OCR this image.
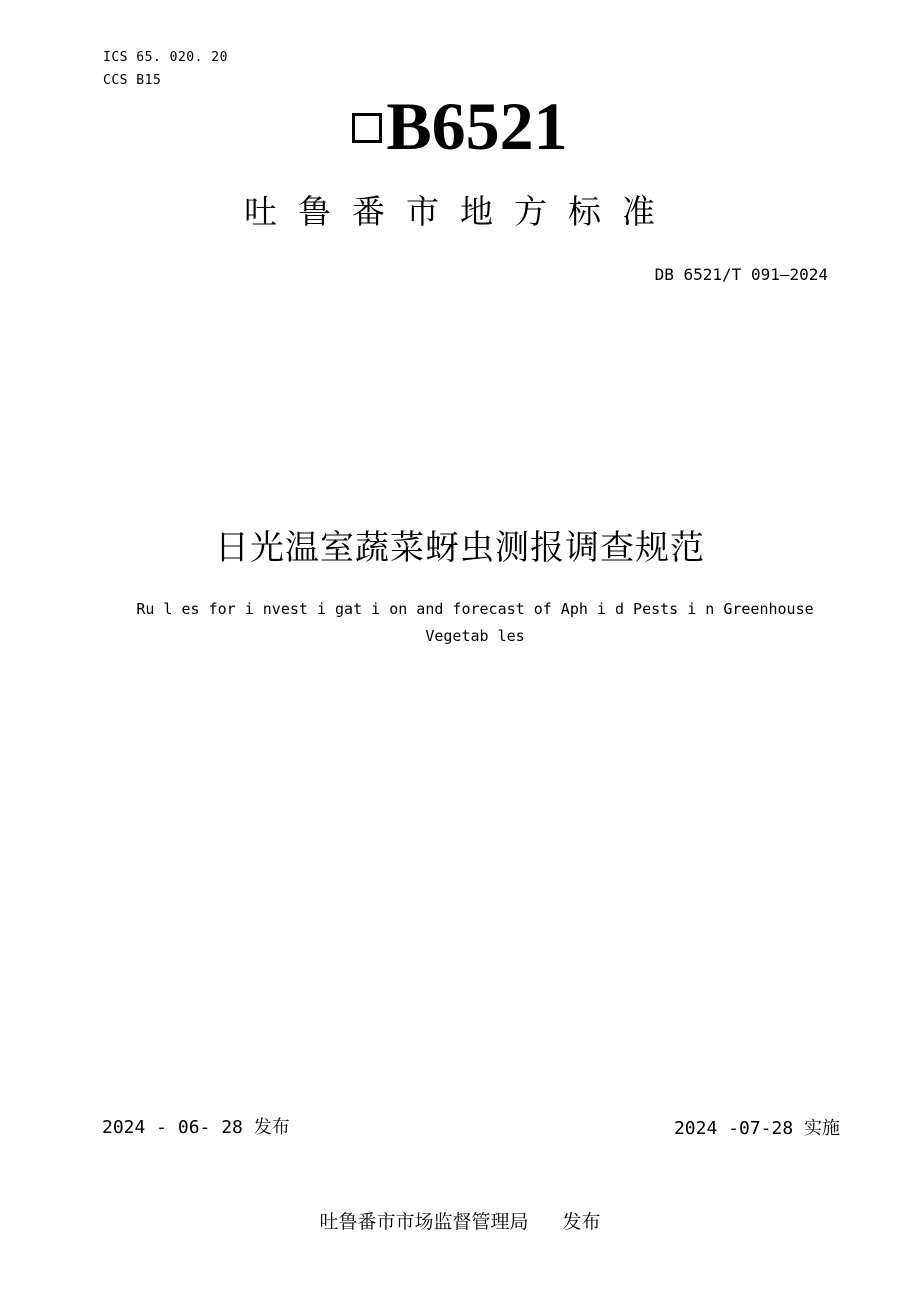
ICS 65. 020. 20
CCS B15
B6521
吐鲁番市地方标准
DB 6521/T 091—2024
日光温室蔬菜蚜虫测报调查规范
Ru l es for i nvest i gat i on and forecast of Aph i d Pests i n Greenhouse Vegetab les
2024 - 06- 28 发布	2024 -07-28 实施
吐鲁番市市场监督管理局 发布
